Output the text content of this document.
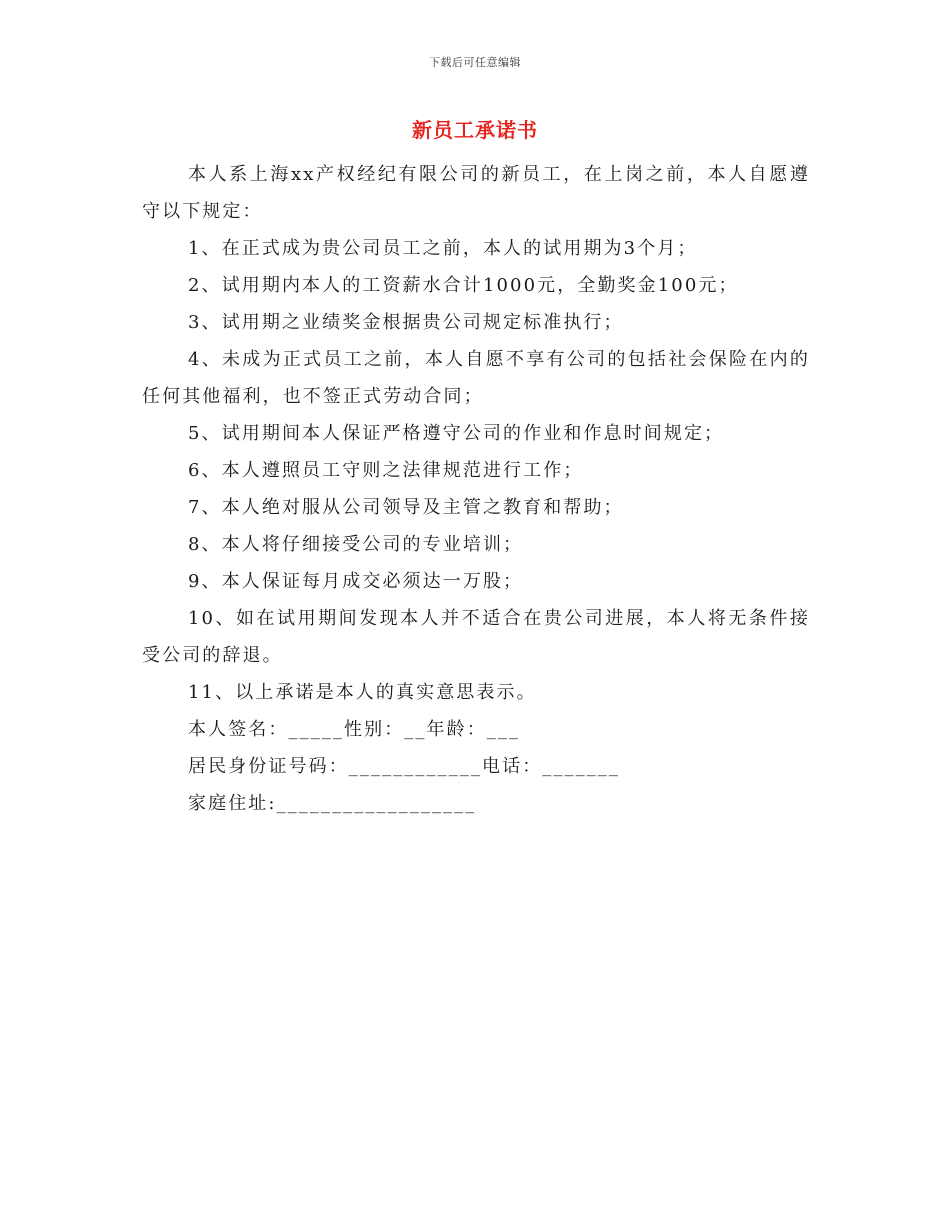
下载后可任意编辑
新员工承诺书

本人系上海xx产权经纪有限公司的新员工，在上岗之前，本人自愿遵守以下规定：

1、在正式成为贵公司员工之前，本人的试用期为3个月；

2、试用期内本人的工资薪水合计1000元，全勤奖金100元；

3、试用期之业绩奖金根据贵公司规定标准执行；

4、未成为正式员工之前，本人自愿不享有公司的包括社会保险在内的任何其他福利，也不签正式劳动合同；

5、试用期间本人保证严格遵守公司的作业和作息时间规定；

6、本人遵照员工守则之法律规范进行工作；

7、本人绝对服从公司领导及主管之教育和帮助；

8、本人将仔细接受公司的专业培训；

9、本人保证每月成交必须达一万股；

10、如在试用期间发现本人并不适合在贵公司进展，本人将无条件接受公司的辞退。

11、以上承诺是本人的真实意思表示。

本人签名：_____性别：__年龄：___

居民身份证号码：____________电话：_______

家庭住址:__________________
